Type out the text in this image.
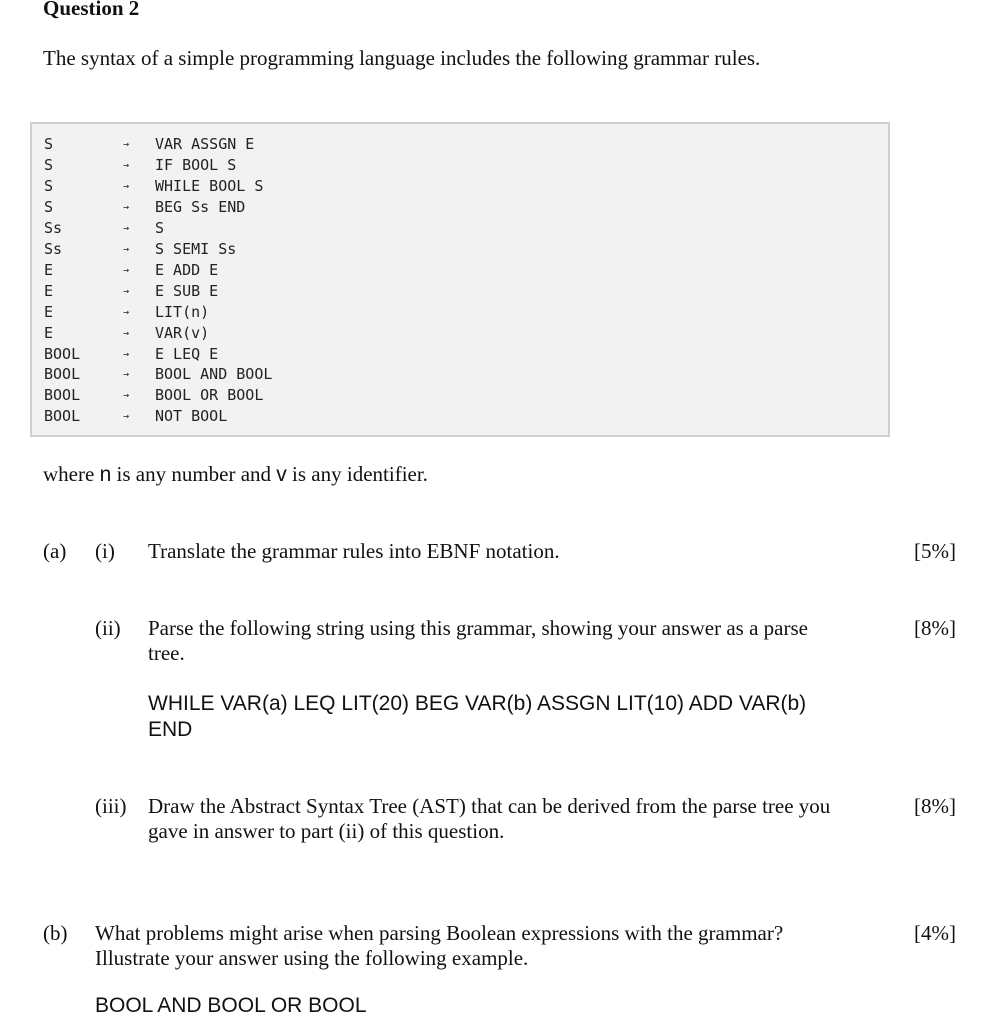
Question 2
The syntax of a simple programming language includes the following grammar rules.
S	→ VAR ASSGN E
S	→ IF BOOL S
S	→ WHILE BOOL S
S	→ BEG Ss END
Ss	→ S
Ss	→ S SEMI Ss
E	→ E ADD E
E	→ E SUB E
E	→ LIT(n)
E	→ VAR(v)
BOOL	→ E LEQ E
BOOL	→ BOOL AND BOOL
BOOL	→ BOOL OR BOOL
BOOL	→ NOT BOOL
where n is any number and v is any identifier.
(a) (i) Translate the grammar rules into EBNF notation.	[5%]
(ii) Parse the following string using this grammar, showing your answer as a parse
tree.
[8%]
WHILE VAR(a) LEQ LIT(20) BEG VAR(b) ASSGN LIT(10) ADD VAR(b)
END
(iii) Draw the Abstract Syntax Tree (AST) that can be derived from the parse tree you
gave in answer to part (ii) of this question.
[8%]
(b) What problems might arise when parsing Boolean expressions with the grammar?
Illustrate your answer using the following example.
[4%]
BOOL AND BOOL OR BOOL
